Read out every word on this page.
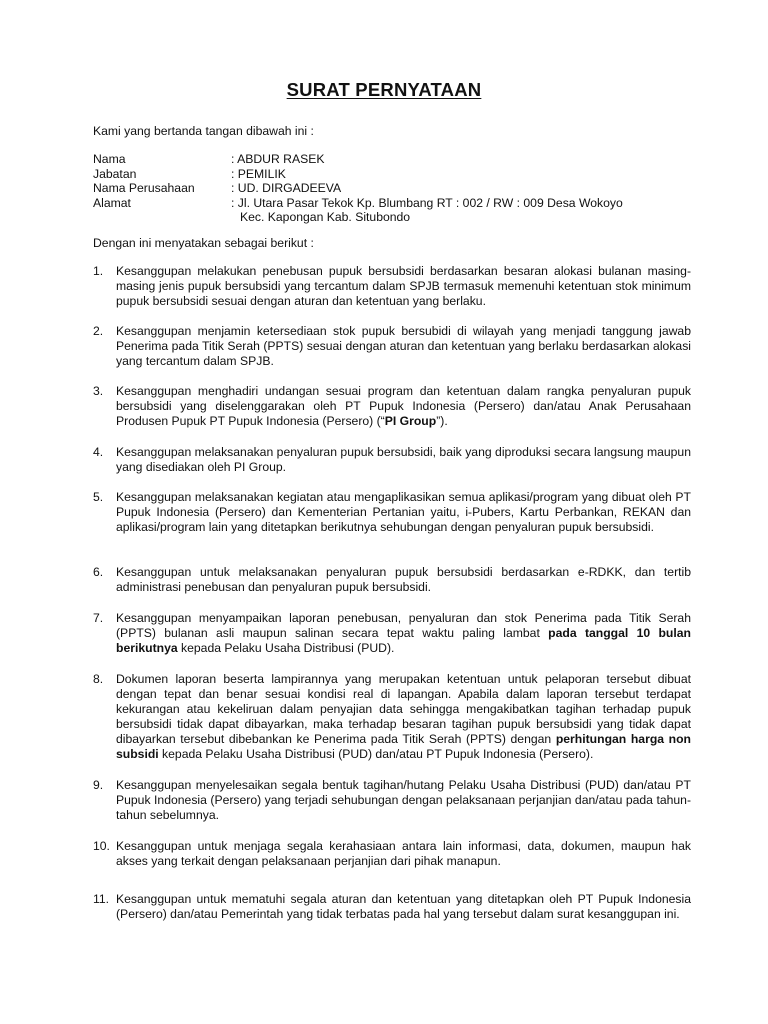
SURAT PERNYATAAN
Kami yang bertanda tangan dibawah ini :
Nama	: ABDUR RASEK
Jabatan	: PEMILIK
Nama Perusahaan	: UD. DIRGADEEVA
Alamat	: Jl. Utara Pasar Tekok Kp. Blumbang RT : 002 / RW : 009 Desa Wokoyo
Kec. Kapongan Kab. Situbondo
Dengan ini menyatakan sebagai berikut :
1.	Kesanggupan melakukan penebusan pupuk bersubsidi berdasarkan besaran alokasi bulanan masing-masing jenis pupuk bersubsidi yang tercantum dalam SPJB termasuk memenuhi ketentuan stok minimum pupuk bersubsidi sesuai dengan aturan dan ketentuan yang berlaku.
2.	Kesanggupan menjamin ketersediaan stok pupuk bersubidi di wilayah yang menjadi tanggung jawab Penerima pada Titik Serah (PPTS) sesuai dengan aturan dan ketentuan yang berlaku berdasarkan alokasi yang tercantum dalam SPJB.
3.	Kesanggupan menghadiri undangan sesuai program dan ketentuan dalam rangka penyaluran pupuk bersubsidi yang diselenggarakan oleh PT Pupuk Indonesia (Persero) dan/atau Anak Perusahaan Produsen Pupuk PT Pupuk Indonesia (Persero) (“PI Group”).
4.	Kesanggupan melaksanakan penyaluran pupuk bersubsidi, baik yang diproduksi secara langsung maupun yang disediakan oleh PI Group.
5.	Kesanggupan melaksanakan kegiatan atau mengaplikasikan semua aplikasi/program yang dibuat oleh PT Pupuk Indonesia (Persero) dan Kementerian Pertanian yaitu, i-Pubers, Kartu Perbankan, REKAN dan aplikasi/program lain yang ditetapkan berikutnya sehubungan dengan penyaluran pupuk bersubsidi.
6.	Kesanggupan untuk melaksanakan penyaluran pupuk bersubsidi berdasarkan e-RDKK, dan tertib administrasi penebusan dan penyaluran pupuk bersubsidi.
7.	Kesanggupan menyampaikan laporan penebusan, penyaluran dan stok Penerima pada Titik Serah (PPTS) bulanan asli maupun salinan secara tepat waktu paling lambat pada tanggal 10 bulan berikutnya kepada Pelaku Usaha Distribusi (PUD).
8.	Dokumen laporan beserta lampirannya yang merupakan ketentuan untuk pelaporan tersebut dibuat dengan tepat dan benar sesuai kondisi real di lapangan. Apabila dalam laporan tersebut terdapat kekurangan atau kekeliruan dalam penyajian data sehingga mengakibatkan tagihan terhadap pupuk bersubsidi tidak dapat dibayarkan, maka terhadap besaran tagihan pupuk bersubsidi yang tidak dapat dibayarkan tersebut dibebankan ke Penerima pada Titik Serah (PPTS) dengan perhitungan harga non subsidi kepada Pelaku Usaha Distribusi (PUD) dan/atau PT Pupuk Indonesia (Persero).
9.	Kesanggupan menyelesaikan segala bentuk tagihan/hutang Pelaku Usaha Distribusi (PUD) dan/atau PT Pupuk Indonesia (Persero) yang terjadi sehubungan dengan pelaksanaan perjanjian dan/atau pada tahun-tahun sebelumnya.
10. Kesanggupan untuk menjaga segala kerahasiaan antara lain informasi, data, dokumen, maupun hak akses yang terkait dengan pelaksanaan perjanjian dari pihak manapun.
11. Kesanggupan untuk mematuhi segala aturan dan ketentuan yang ditetapkan oleh PT Pupuk Indonesia (Persero) dan/atau Pemerintah yang tidak terbatas pada hal yang tersebut dalam surat kesanggupan ini.
